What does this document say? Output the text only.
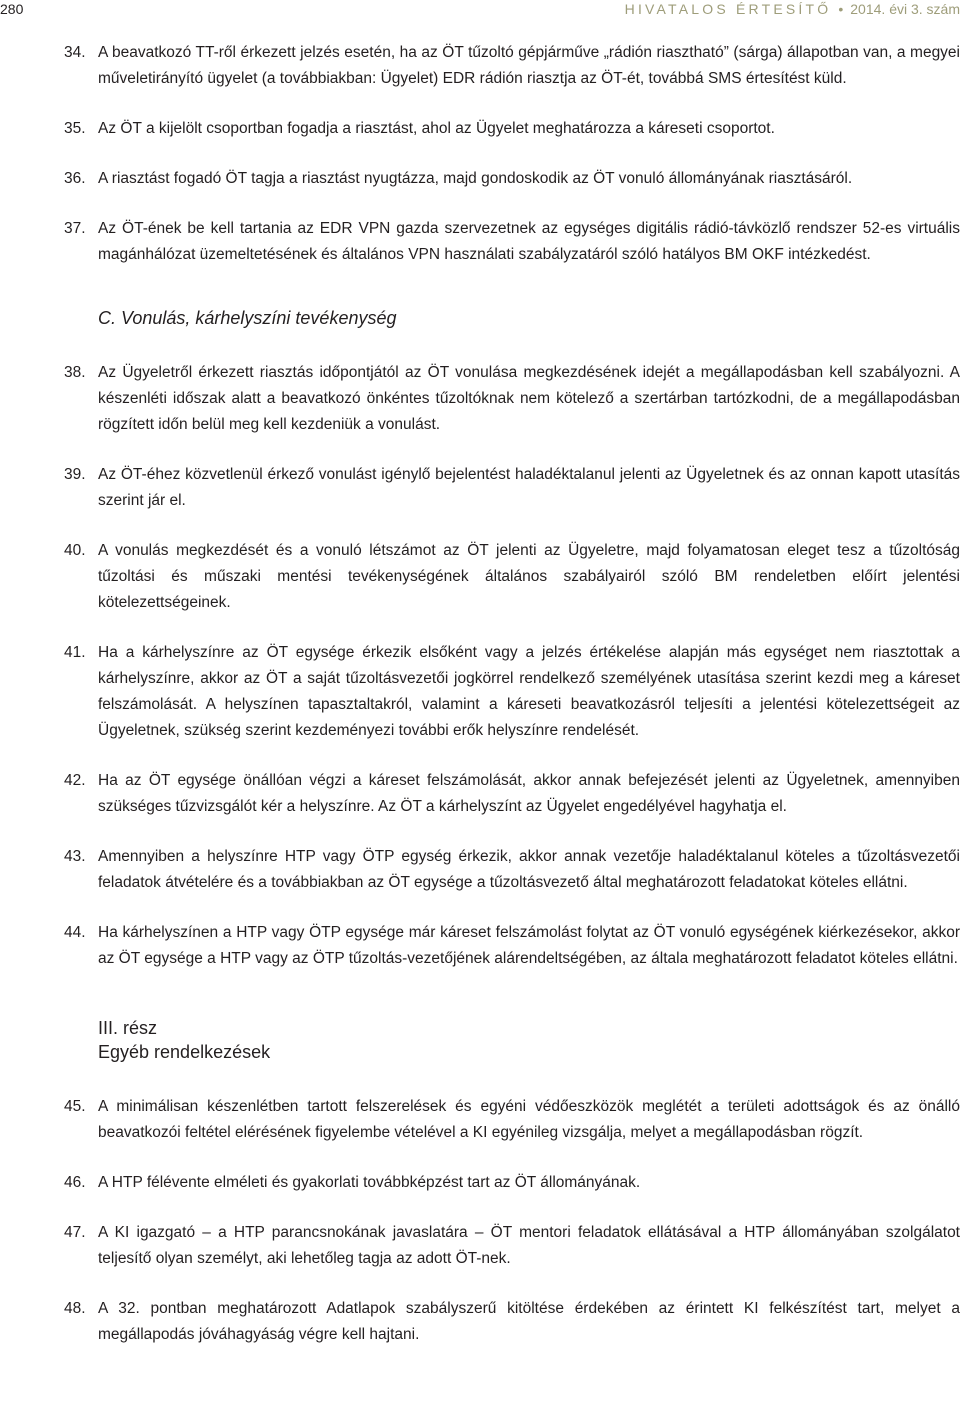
280	HIVATALOS ÉRTESÍTŐ • 2014. évi 3. szám
34. A beavatkozó TT-ről érkezett jelzés esetén, ha az ÖT tűzoltó gépjárműve „rádión riasztható” (sárga) állapotban van, a megyei műveletirányító ügyelet (a továbbiakban: Ügyelet) EDR rádión riasztja az ÖT-ét, továbbá SMS értesítést küld.
35. Az ÖT a kijelölt csoportban fogadja a riasztást, ahol az Ügyelet meghatározza a kárеseti csoportot.
36. A riasztást fogadó ÖT tagja a riasztást nyugtázza, majd gondoskodik az ÖT vonuló állományának riasztásáról.
37. Az ÖT-ének be kell tartania az EDR VPN gazda szervezetnek az egységes digitális rádió-távközlő rendszer 52-es virtuális magánhálózat üzemeltetésének és általános VPN használati szabályzatáról szóló hatályos BM OKF intézkedést.
C. Vonulás, kárhelyszíni tevékenység
38. Az Ügyeletről érkezett riasztás időpontjától az ÖT vonulása megkezdésének idejét a megállapodásban kell szabályozni. A készenléti időszak alatt a beavatkozó önkéntes tűzoltóknak nem kötelező a szertárban tartózkodni, de a megállapodásban rögzített időn belül meg kell kezdeniük a vonulást.
39. Az ÖT-éhez közvetlenül érkező vonulást igénylő bejelentést haladéktalanul jelenti az Ügyeletnek és az onnan kapott utasítás szerint jár el.
40. A vonulás megkezdését és a vonuló létszámot az ÖT jelenti az Ügyeletre, majd folyamatosan eleget tesz a tűzoltóság tűzoltási és műszaki mentési tevékenységének általános szabályairól szóló BM rendeletben előírt jelentési kötelezettségeinek.
41. Ha a kárhelyszínre az ÖT egysége érkezik elsőként vagy a jelzés értékelése alapján más egységet nem riasztottak a kárhelyszínre, akkor az ÖT a saját tűzoltásvezetői jogkörrel rendelkező személyének utasítása szerint kezdi meg a káreset felszámolását. A helyszínen tapasztaltakról, valamint a káreseti beavatkozásról teljesíti a jelentési kötelezettségeit az Ügyeletnek, szükség szerint kezdeményezi további erők helyszínre rendelését.
42. Ha az ÖT egysége önállóan végzi a káreset felszámolását, akkor annak befejezését jelenti az Ügyeletnek, amennyiben szükséges tűzvizsgálót kér a helyszínre. Az ÖT a kárhelyszínt az Ügyelet engedélyével hagyhatja el.
43. Amennyiben a helyszínre HTP vagy ÖTP egység érkezik, akkor annak vezetője haladéktalanul köteles a tűzoltásvezetői feladatok átvételére és a továbbiakban az ÖT egysége a tűzoltásvezető által meghatározott feladatokat köteles ellátni.
44. Ha kárhelyszínen a HTP vagy ÖTP egysége már káreset felszámolást folytat az ÖT vonuló egységének kiérkezésekor, akkor az ÖT egysége a HTP vagy az ÖTP tűzoltás-vezetőjének alárendeltségében, az általa meghatározott feladatot köteles ellátni.
III. rész
Egyéb rendelkezések
45. A minimálisan készenlétben tartott felszerelések és egyéni védőeszközök meglétét a területi adottságok és az önálló beavatkozói feltétel elérésének figyelembe vételével a KI egyénileg vizsgálja, melyet a megállapodásban rögzít.
46. A HTP félévente elméleti és gyakorlati továbbképzést tart az ÖT állományának.
47. A KI igazgató – a HTP parancsnokának javaslatára – ÖT mentori feladatok ellátásával a HTP állományában szolgálatot teljesítő olyan személyt, aki lehetőleg tagja az adott ÖT-nek.
48. A 32. pontban meghatározott Adatlapok szabályszerű kitöltése érdekében az érintett KI felkészítést tart, melyet a megállapodás jóváhagyáság végre kell hajtani.
